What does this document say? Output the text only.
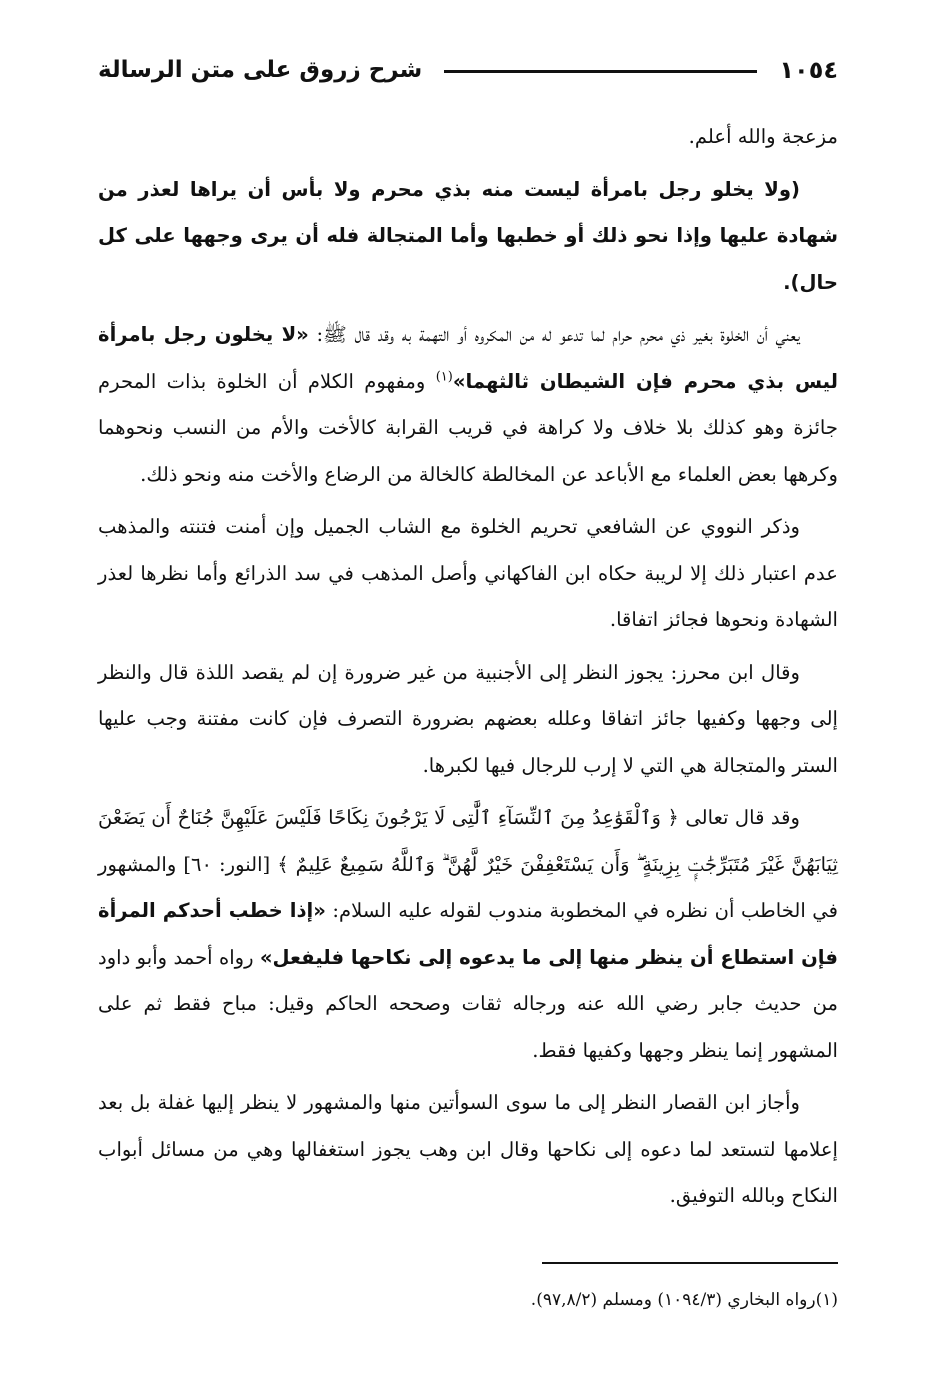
١٠٥٤
شرح زروق على متن الرسالة

مزعجة والله أعلم.

(ولا يخلو رجل بامرأة ليست منه بذي محرم ولا بأس أن يراها لعذر من شهادة عليها وإذا نحو ذلك أو خطبها وأما المتجالة فله أن يرى وجهها على كل حال).

يعني أن الخلوة بغير ذي محرم حرام لما تدعو له من المكروه أو التهمة به وقد قال ﷺ: «لا يخلون رجل بامرأة ليس بذي محرم فإن الشيطان ثالثهما»$^{(١)}$ ومفهوم الكلام أن الخلوة بذات المحرم جائزة وهو كذلك بلا خلاف ولا كراهة في قريب القرابة كالأخت والأم من النسب ونحوهما وكرهها بعض العلماء مع الأباعد عن المخالطة كالخالة من الرضاع والأخت منه ونحو ذلك.

وذكر النووي عن الشافعي تحريم الخلوة مع الشاب الجميل وإن أمنت فتنته والمذهب عدم اعتبار ذلك إلا لريبة حكاه ابن الفاكهاني وأصل المذهب في سد الذرائع وأما نظرها لعذر الشهادة ونحوها فجائز اتفاقا.

وقال ابن محرز: يجوز النظر إلى الأجنبية من غير ضرورة إن لم يقصد اللذة قال والنظر إلى وجهها وكفيها جائز اتفاقا وعلله بعضهم بضرورة التصرف فإن كانت مفتنة وجب عليها الستر والمتجالة هي التي لا إرب للرجال فيها لكبرها.

وقد قال تعالى ﴿ وَٱلْقَوَٰعِدُ مِنَ ٱلنِّسَآءِ ٱلَّٰتِى لَا يَرْجُونَ نِكَاحًا فَلَيْسَ عَلَيْهِنَّ جُنَاحٌ أَن يَضَعْنَ ثِيَابَهُنَّ غَيْرَ مُتَبَرِّجَٰتٍۭ بِزِينَةٍ ۖ وَأَن يَسْتَعْفِفْنَ خَيْرٌ لَّهُنَّ ۗ وَٱللَّهُ سَمِيعٌ عَلِيمٌ ﴾ [النور: ٦٠] والمشهور في الخاطب أن نظره في المخطوبة مندوب لقوله عليه السلام: «إذا خطب أحدكم المرأة فإن استطاع أن ينظر منها إلى ما يدعوه إلى نكاحها فليفعل» رواه أحمد وأبو داود من حديث جابر رضي الله عنه ورجاله ثقات وصححه الحاكم وقيل: مباح فقط ثم على المشهور إنما ينظر وجهها وكفيها فقط.

وأجاز ابن القصار النظر إلى ما سوى السوأتين منها والمشهور لا ينظر إليها غفلة بل بعد إعلامها لتستعد لما دعوه إلى نكاحها وقال ابن وهب يجوز استغفالها وهي من مسائل أبواب النكاح وبالله التوفيق.

(١)رواه البخاري (١٠٩٤/٣) ومسلم (٩٧,٨/٢).
